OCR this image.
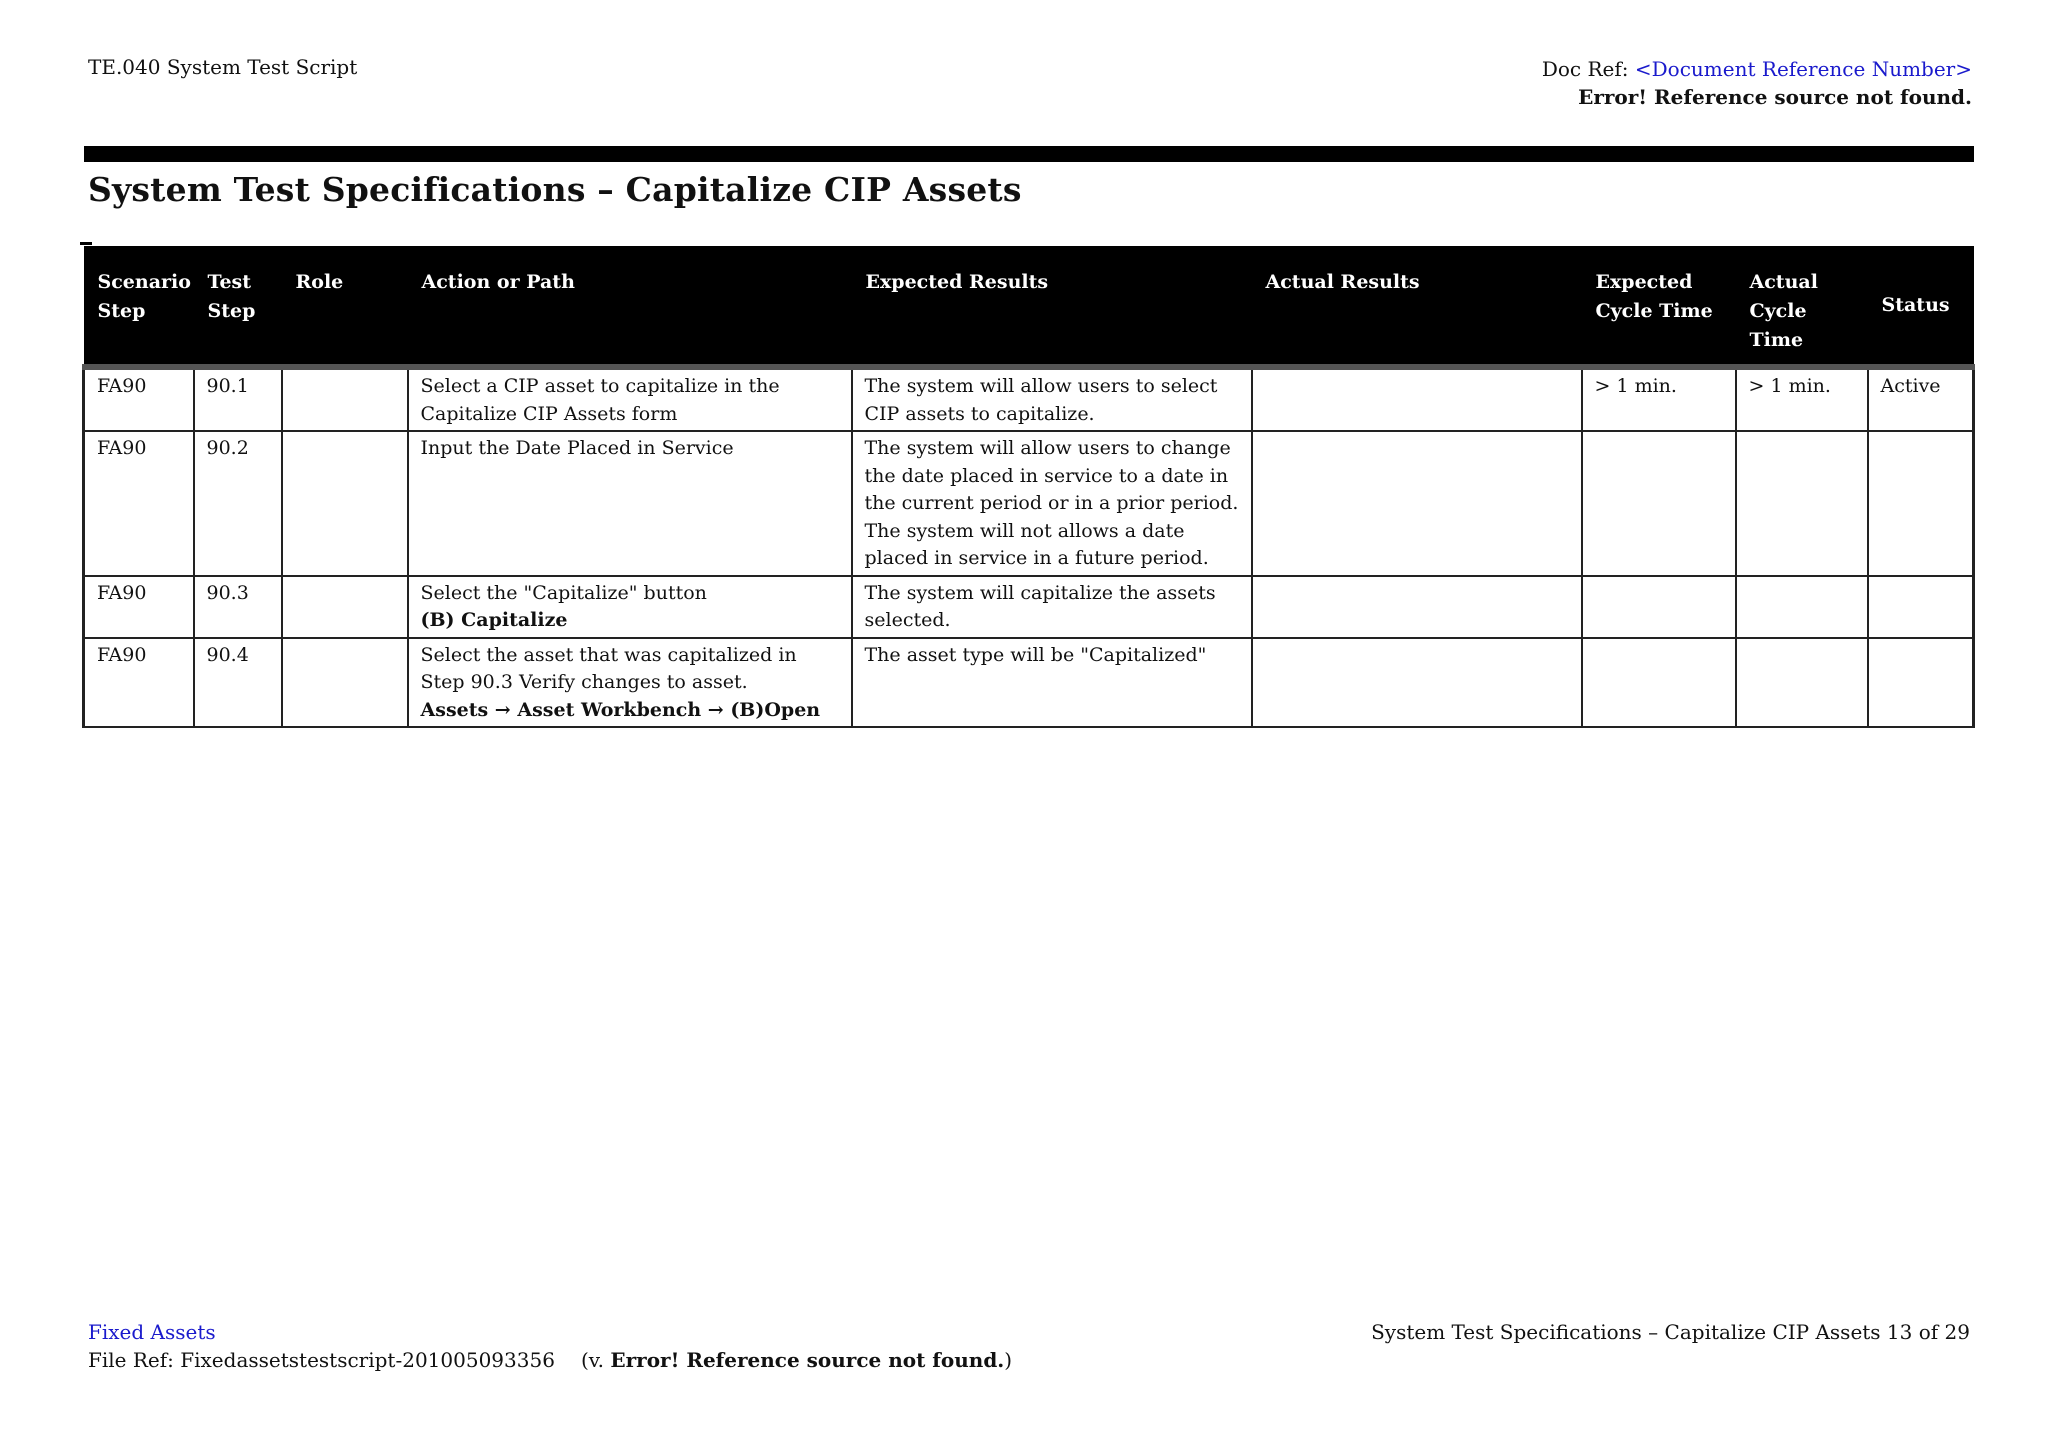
TE.040 System Test Script	Doc Ref: <Document Reference Number>
Error! Reference source not found.
System Test Specifications – Capitalize CIP Assets
Scenario Step	Test Step	Role	Action or Path	Expected Results	Actual Results	Expected Cycle Time	Actual Cycle Time	Status
FA90	90.1		Select a CIP asset to capitalize in the Capitalize CIP Assets form	The system will allow users to select CIP assets to capitalize.		> 1 min.	> 1 min.	Active
FA90	90.2		Input the Date Placed in Service	The system will allow users to change the date placed in service to a date in the current period or in a prior period. The system will not allows a date placed in service in a future period.				
FA90	90.3		Select the "Capitalize" button
(B) Capitalize	The system will capitalize the assets selected.				
FA90	90.4		Select the asset that was capitalized in Step 90.3 Verify changes to asset.
Assets → Asset Workbench → (B)Open	The asset type will be "Capitalized"				
Fixed Assets
File Ref: Fixedassetstestscript-201005093356 (v. Error! Reference source not found.)
System Test Specifications – Capitalize CIP Assets 13 of 29
